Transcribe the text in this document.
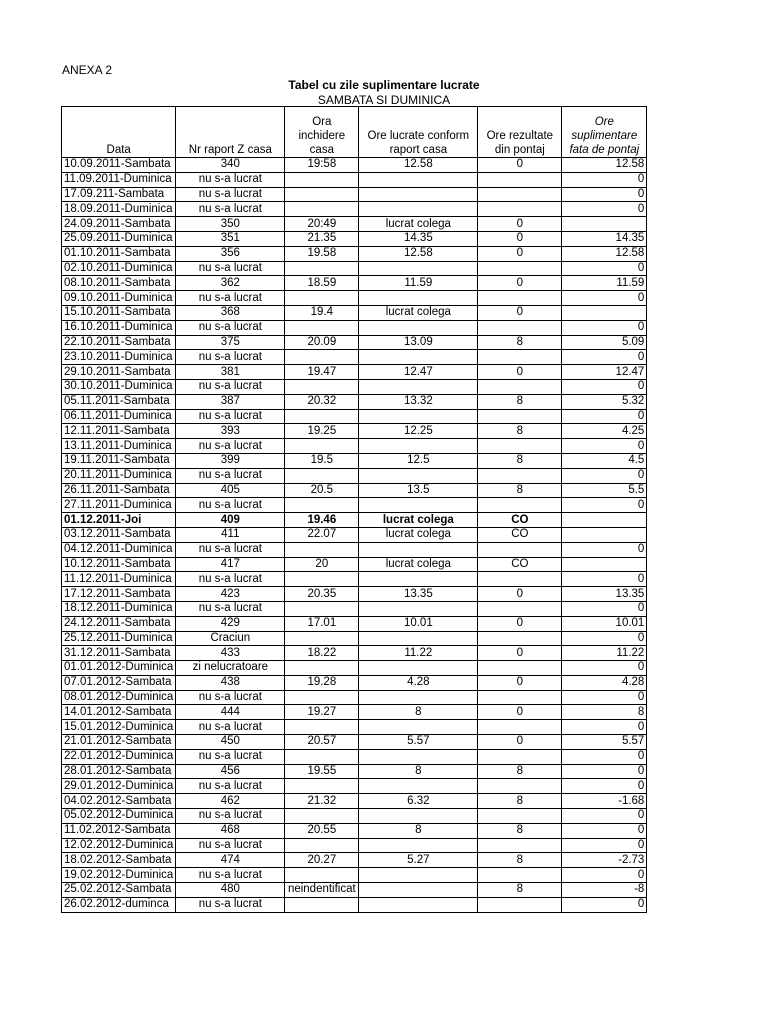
ANEXA 2
Tabel cu zile suplimentare lucrate
SAMBATA SI DUMINICA
Data	Nr raport Z casa	Ora inchidere casa	Ore lucrate conform raport casa	Ore rezultate din pontaj	Ore suplimentare fata de pontaj
10.09.2011-Sambata	340	19:58	12.58	0	12.58
11.09.2011-Duminica	nu s-a lucrat				0
17.09.211-Sambata	nu s-a lucrat				0
18.09.2011-Duminica	nu s-a lucrat				0
24.09.2011-Sambata	350	20:49	lucrat colega	0	
25.09.2011-Duminica	351	21.35	14.35	0	14.35
01.10.2011-Sambata	356	19.58	12.58	0	12.58
02.10.2011-Duminica	nu s-a lucrat				0
08.10.2011-Sambata	362	18.59	11.59	0	11.59
09.10.2011-Duminica	nu s-a lucrat				0
15.10.2011-Sambata	368	19.4	lucrat colega	0	
16.10.2011-Duminica	nu s-a lucrat				0
22.10.2011-Sambata	375	20.09	13.09	8	5.09
23.10.2011-Duminica	nu s-a lucrat				0
29.10.2011-Sambata	381	19.47	12.47	0	12.47
30.10.2011-Duminica	nu s-a lucrat				0
05.11.2011-Sambata	387	20.32	13.32	8	5.32
06.11.2011-Duminica	nu s-a lucrat				0
12.11.2011-Sambata	393	19.25	12.25	8	4.25
13.11.2011-Duminica	nu s-a lucrat				0
19.11.2011-Sambata	399	19.5	12.5	8	4.5
20.11.2011-Duminica	nu s-a lucrat				0
26.11.2011-Sambata	405	20.5	13.5	8	5.5
27.11.2011-Duminica	nu s-a lucrat				0
01.12.2011-Joi	409	19.46	lucrat colega	CO	
03.12.2011-Sambata	411	22.07	lucrat colega	CO	
04.12.2011-Duminica	nu s-a lucrat				0
10.12.2011-Sambata	417	20	lucrat colega	CO	
11.12.2011-Duminica	nu s-a lucrat				0
17.12.2011-Sambata	423	20.35	13.35	0	13.35
18.12.2011-Duminica	nu s-a lucrat				0
24.12.2011-Sambata	429	17.01	10.01	0	10.01
25.12.2011-Duminica	Craciun				0
31.12.2011-Sambata	433	18.22	11.22	0	11.22
01.01.2012-Duminica	zi nelucratoare				0
07.01.2012-Sambata	438	19.28	4.28	0	4.28
08.01.2012-Duminica	nu s-a lucrat				0
14.01.2012-Sambata	444	19.27	8	0	8
15.01.2012-Duminica	nu s-a lucrat				0
21.01.2012-Sambata	450	20.57	5.57	0	5.57
22.01.2012-Duminica	nu s-a lucrat				0
28.01.2012-Sambata	456	19.55	8	8	0
29.01.2012-Duminica	nu s-a lucrat				0
04.02.2012-Sambata	462	21.32	6.32	8	-1.68
05.02.2012-Duminica	nu s-a lucrat				0
11.02.2012-Sambata	468	20.55	8	8	0
12.02.2012-Duminica	nu s-a lucrat				0
18.02.2012-Sambata	474	20.27	5.27	8	-2.73
19.02.2012-Duminica	nu s-a lucrat				0
25.02.2012-Sambata	480	neindentificat		8	-8
26.02.2012-duminca	nu s-a lucrat				0
